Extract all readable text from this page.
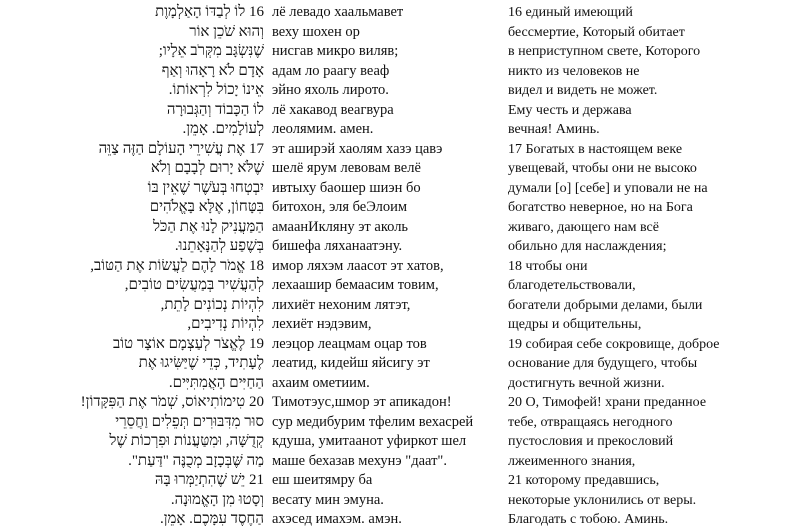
16 לוֹ לְבַדּוֹ הָאַלְמָוֶת
וְהוּא שֹׁכֵן אוֹר
שֶׁנִּשְׂגָּב מִקְּרֹב אֵלָיו;
אָדָם לֹא רָאָהוּ וְאַף
אֵינוֹ יָכוֹל לִרְאוֹתוֹ.
לוֹ הַכָּבוֹד וְהַגְּבוּרָה
לְעוֹלָמִים. אָמֵן.
17 אֶת עֲשִׁירֵי הָעוֹלָם הַזֶּה צַוֵּה
שֶׁלֹּא יָרוּם לְבָבָם וְלֹא
יִבְטְחוּ בְּעֹשֶׁר שֶׁאֵין בּוֹ
בִּטָּחוֹן, אֶלָּא בָּאֱלֹהִים
הַמַּעֲנִיק לָנוּ אֶת הַכֹּל
בְּשֶׁפַע לְהַנָּאָתֵנוּ.
18 אֱמֹר לָהֶם לַעֲשׂוֹת אֶת הַטּוֹב,
לְהַעֲשִׁיר בְּמַעֲשִׂים טוֹבִים,
לִהְיוֹת נְכוֹנִים לָתֵת,
לִהְיוֹת נְדִיבִים,
19 לֶאֱצֹר לְעַצְמָם אוֹצָר טוֹב
לֶעָתִיד, כְּדֵי שֶׁיַּשִּׂיגוּ אֶת
הַחַיִּים הָאֲמִתִּיִּים.
20 טִימוֹתִיאוֹס, שְׁמֹר אֶת הַפִּקָּדוֹן!
סוּר מִדִּבּוּרִים תְּפֵלִים וַחֲסֵרֵי
קְדֻשָּׁה, וּמִטַּעֲנוֹת וּפִרְכוֹת שֶׁל
מַה שֶּׁבְּכָזָב מְכֻנֶּה "דַּעַת".
21 יֵשׁ שֶׁהִתְיַמְּרוּ בָּהּ
וְסָטוּ מִן הָאֱמוּנָה.
הַחֶסֶד עִמָּכֶם. אָמֵן.
лё левадо хаальмавет
веху шохен ор
нисгав микро виляв;
адам ло раагу веаф
эйно яхоль лирото.
лё хакавод веагвура
леолямим. амен.
эт аширэй хаолям хазэ цавэ
шелё ярум левовам велё
ивтыху баошер шиэн бо
битохон, эля беЭлоим
амаанИкляну эт аколь
бишефа ляханаатэну.
имор ляхэм лаасот эт хатов,
лехаашир бемаасим товим,
лихиёт нехоним лятэт,
лехиёт нэдэвим,
леэцор леацмам оцар тов
леатид, кидейш яйсигу эт
ахаим ометиим.
Тимотэус,шмор эт апикадон!
сур медибурим тфелим вехасрей
кдуша, умитаанот уфиркот шел
маше бехазав мехунэ "даат".
еш шеитямру ба
весату мин эмуна.
ахэсед имахэм. амэн.
16 единый имеющий
бессмертие, Который обитает
в неприступном свете, Которого
никто из человеков не
видел и видеть не может.
Ему честь и держава
вечная! Аминь.
17 Богатых в настоящем веке
увещевай, чтобы они не высоко
думали [о] [себе] и уповали не на
богатство неверное, но на Бога
живаго, дающего нам всё
обильно для наслаждения;
18 чтобы они
благодетельствовали,
богатели добрыми делами, были
щедры и общительны,
19 собирая себе сокровище, доброе
основание для будущего, чтобы
достигнуть вечной жизни.
20 О, Тимофей! храни преданное
тебе, отвращаясь негодного
пустословия и прекословий
лжеименного знания,
21 которому предавшись,
некоторые уклонились от веры.
Благодать с тобою. Аминь.
